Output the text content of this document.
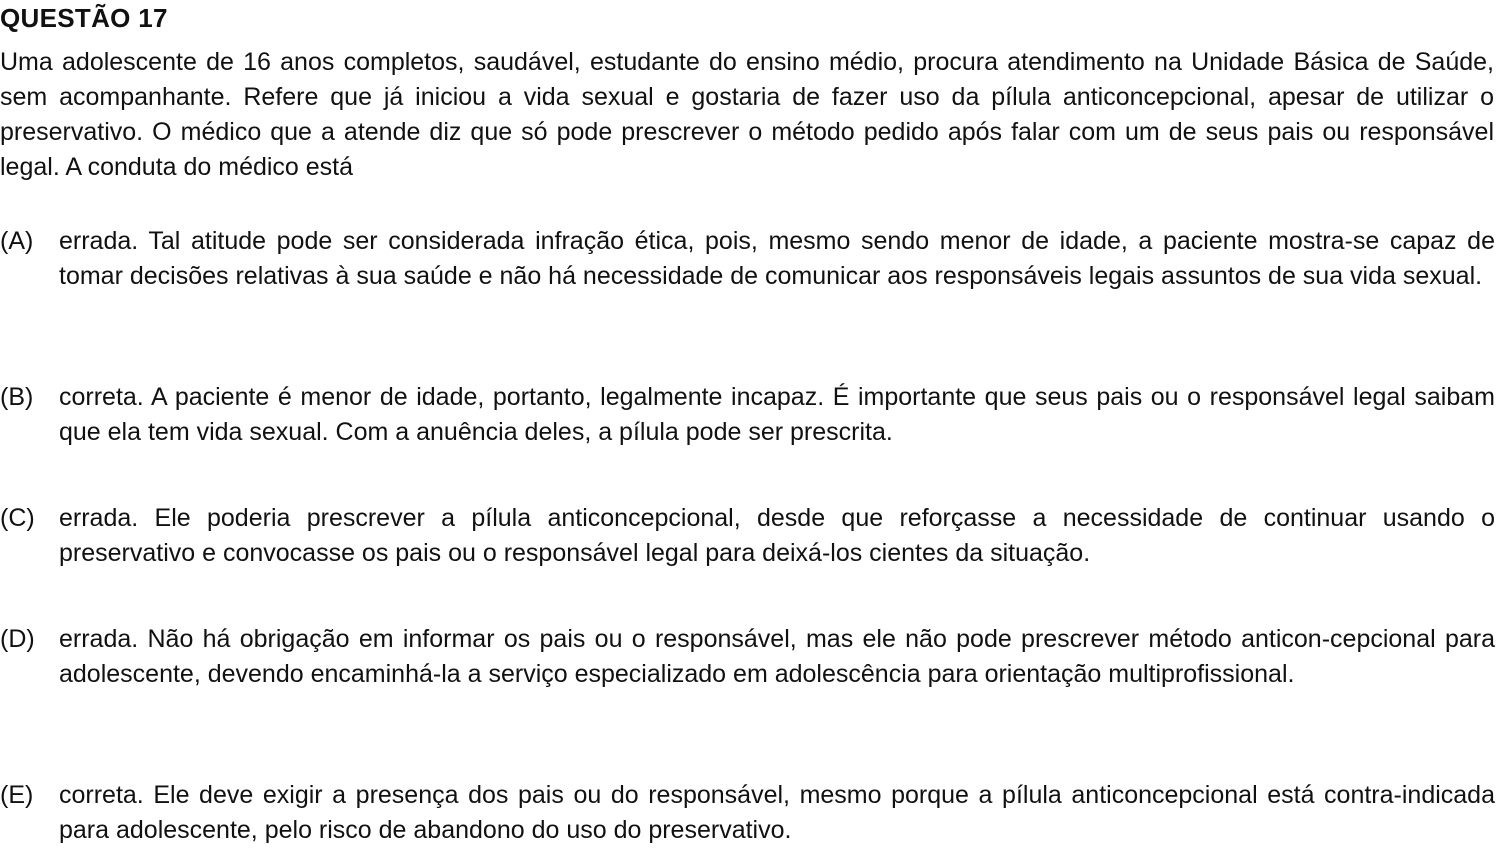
QUESTÃO 17
Uma adolescente de 16 anos completos, saudável, estudante do ensino médio, procura atendimento na Unidade Básica de Saúde, sem acompanhante. Refere que já iniciou a vida sexual e gostaria de fazer uso da pílula anticoncepcional, apesar de utilizar o preservativo. O médico que a atende diz que só pode prescrever o método pedido após falar com um de seus pais ou responsável legal. A conduta do médico está
(A)	errada. Tal atitude pode ser considerada infração ética, pois, mesmo sendo menor de idade, a paciente mostra-se capaz de tomar decisões relativas à sua saúde e não há necessidade de comunicar aos responsáveis legais assuntos de sua vida sexual.
(B)	correta. A paciente é menor de idade, portanto, legalmente incapaz. É importante que seus pais ou o responsável legal saibam que ela tem vida sexual. Com a anuência deles, a pílula pode ser prescrita.
(C) errada. Ele poderia prescrever a pílula anticoncepcional, desde que reforçasse a necessidade de continuar usando o preservativo e convocasse os pais ou o responsável legal para deixá-los cientes da situação.
(D) errada. Não há obrigação em informar os pais ou o responsável, mas ele não pode prescrever método anticon-cepcional para adolescente, devendo encaminhá-la a serviço especializado em adolescência para orientação multiprofissional.
(E)	correta. Ele deve exigir a presença dos pais ou do responsável, mesmo porque a pílula anticoncepcional está contra-indicada para adolescente, pelo risco de abandono do uso do preservativo.
